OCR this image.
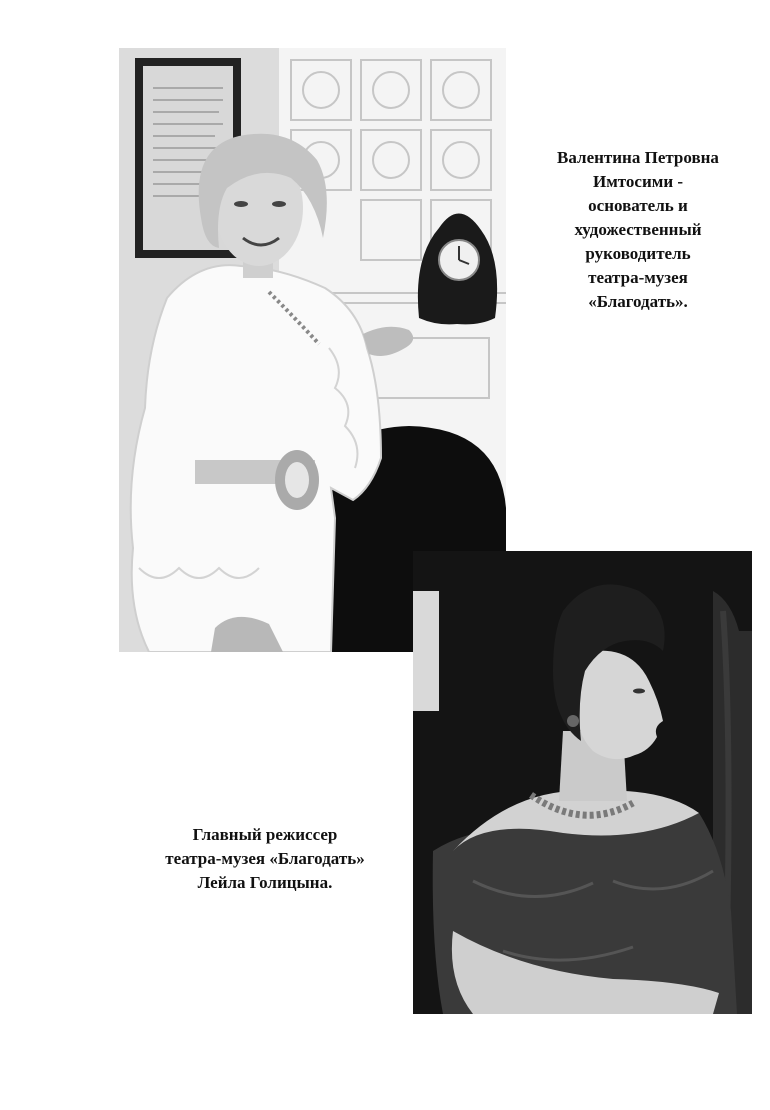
Валентина Петровна
Имтосими -
основатель и
художественный
руководитель
театра-музея
«Благодать».

Главный режиссер
театра-музея «Благодать»
Лейла Голицына.
